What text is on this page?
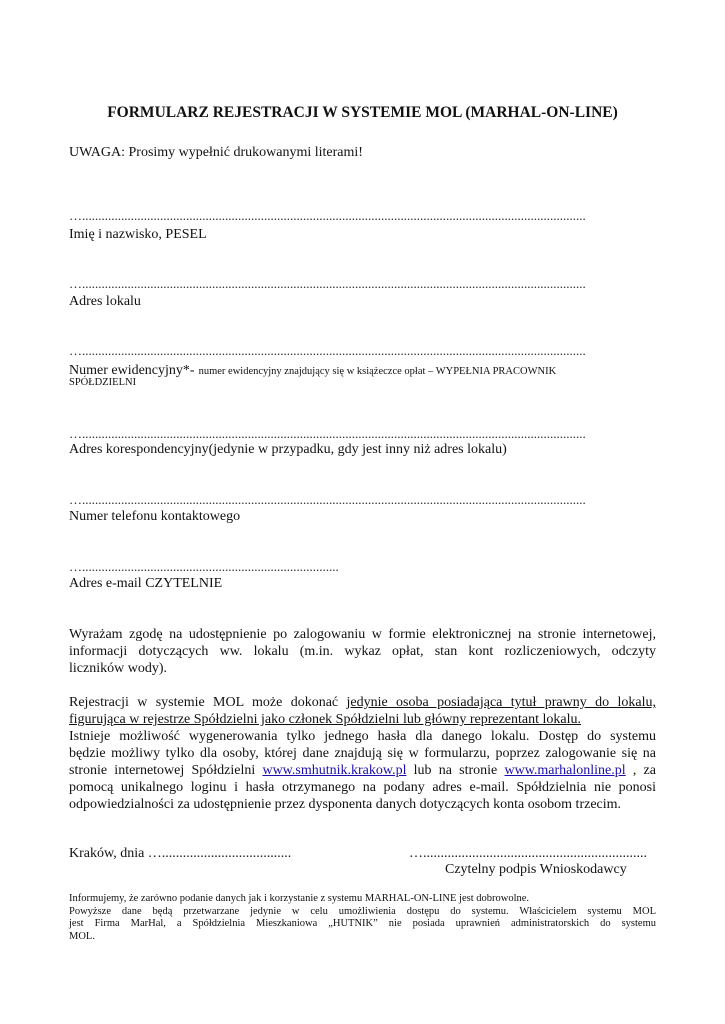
FORMULARZ REJESTRACJI W SYSTEMIE MOL (MARHAL-ON-LINE)
UWAGA: Prosimy wypełnić drukowanymi literami!
…...........................................................................................................................................................
Imię i nazwisko, PESEL
…...........................................................................................................................................................
Adres lokalu
…...........................................................................................................................................................
Numer ewidencyjny*- numer ewidencyjny znajdujący się w książeczce opłat – WYPEŁNIA PRACOWNIK
SPÓŁDZIELNI
…...........................................................................................................................................................
Adres korespondencyjny(jedynie w przypadku, gdy jest inny niż adres lokalu)
…...........................................................................................................................................................
Numer telefonu kontaktowego
…...............................................................................
Adres e-mail CZYTELNIE
Wyrażam zgodę na udostępnienie po zalogowaniu w formie elektronicznej na stronie internetowej,
informacji dotyczących ww. lokalu (m.in. wykaz opłat, stan kont rozliczeniowych, odczyty
liczników wody).
Rejestracji w systemie MOL może dokonać jedynie osoba posiadająca tytuł prawny do lokalu,
figurująca w rejestrze Spółdzielni jako członek Spółdzielni lub główny reprezentant lokalu.
Istnieje możliwość wygenerowania tylko jednego hasła dla danego lokalu. Dostęp do systemu
będzie możliwy tylko dla osoby, której dane znajdują się w formularzu, poprzez zalogowanie się na
stronie internetowej Spółdzielni www.smhutnik.krakow.pl lub na stronie www.marhalonline.pl , za
pomocą unikalnego loginu i hasła otrzymanego na podany adres e-mail. Spółdzielnia nie ponosi
odpowiedzialności za udostępnienie przez dysponenta danych dotyczących konta osobom trzecim.
Kraków, dnia ….....................................	…................................................................
Czytelny podpis Wnioskodawcy
Informujemy, że zarówno podanie danych jak i korzystanie z systemu MARHAL-ON-LINE jest dobrowolne.
Powyższe dane będą przetwarzane jedynie w celu umożliwienia dostępu do systemu. Właścicielem systemu MOL
jest Firma MarHal, a Spółdzielnia Mieszkaniowa „HUTNIK” nie posiada uprawnień administratorskich do systemu
MOL.
